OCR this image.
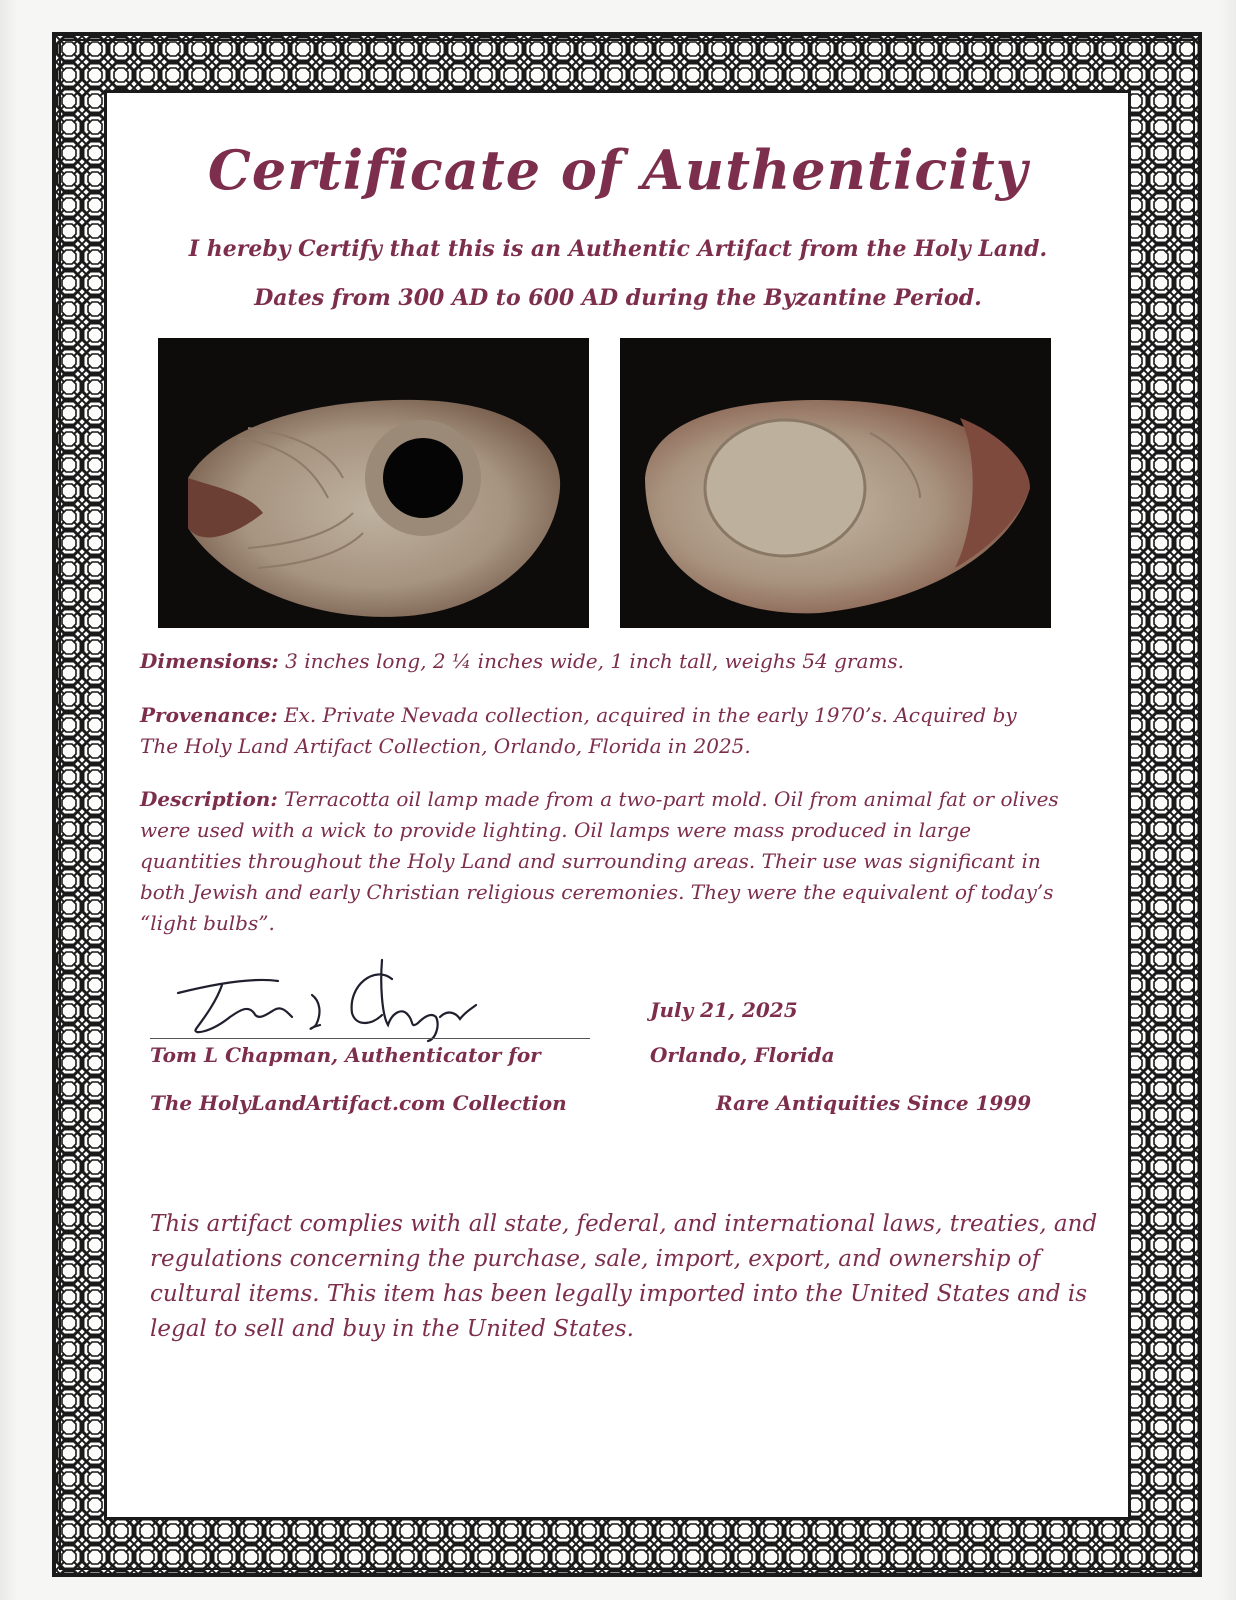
Certificate of Authenticity
I hereby Certify that this is an Authentic Artifact from the Holy Land.
Dates from 300 AD to 600 AD during the Byzantine Period.
Dimensions: 3 inches long, 2 ¼ inches wide, 1 inch tall, weighs 54 grams.
Provenance: Ex. Private Nevada collection, acquired in the early 1970’s. Acquired by The Holy Land Artifact Collection, Orlando, Florida in 2025.
Description: Terracotta oil lamp made from a two-part mold. Oil from animal fat or olives were used with a wick to provide lighting. Oil lamps were mass produced in large quantities throughout the Holy Land and surrounding areas. Their use was significant in both Jewish and early Christian religious ceremonies. They were the equivalent of today’s “light bulbs”.
July 21, 2025
Tom L Chapman, Authenticator for	Orlando, Florida
The HolyLandArtifact.com Collection	Rare Antiquities Since 1999
This artifact complies with all state, federal, and international laws, treaties, and regulations concerning the purchase, sale, import, export, and ownership of cultural items. This item has been legally imported into the United States and is legal to sell and buy in the United States.
